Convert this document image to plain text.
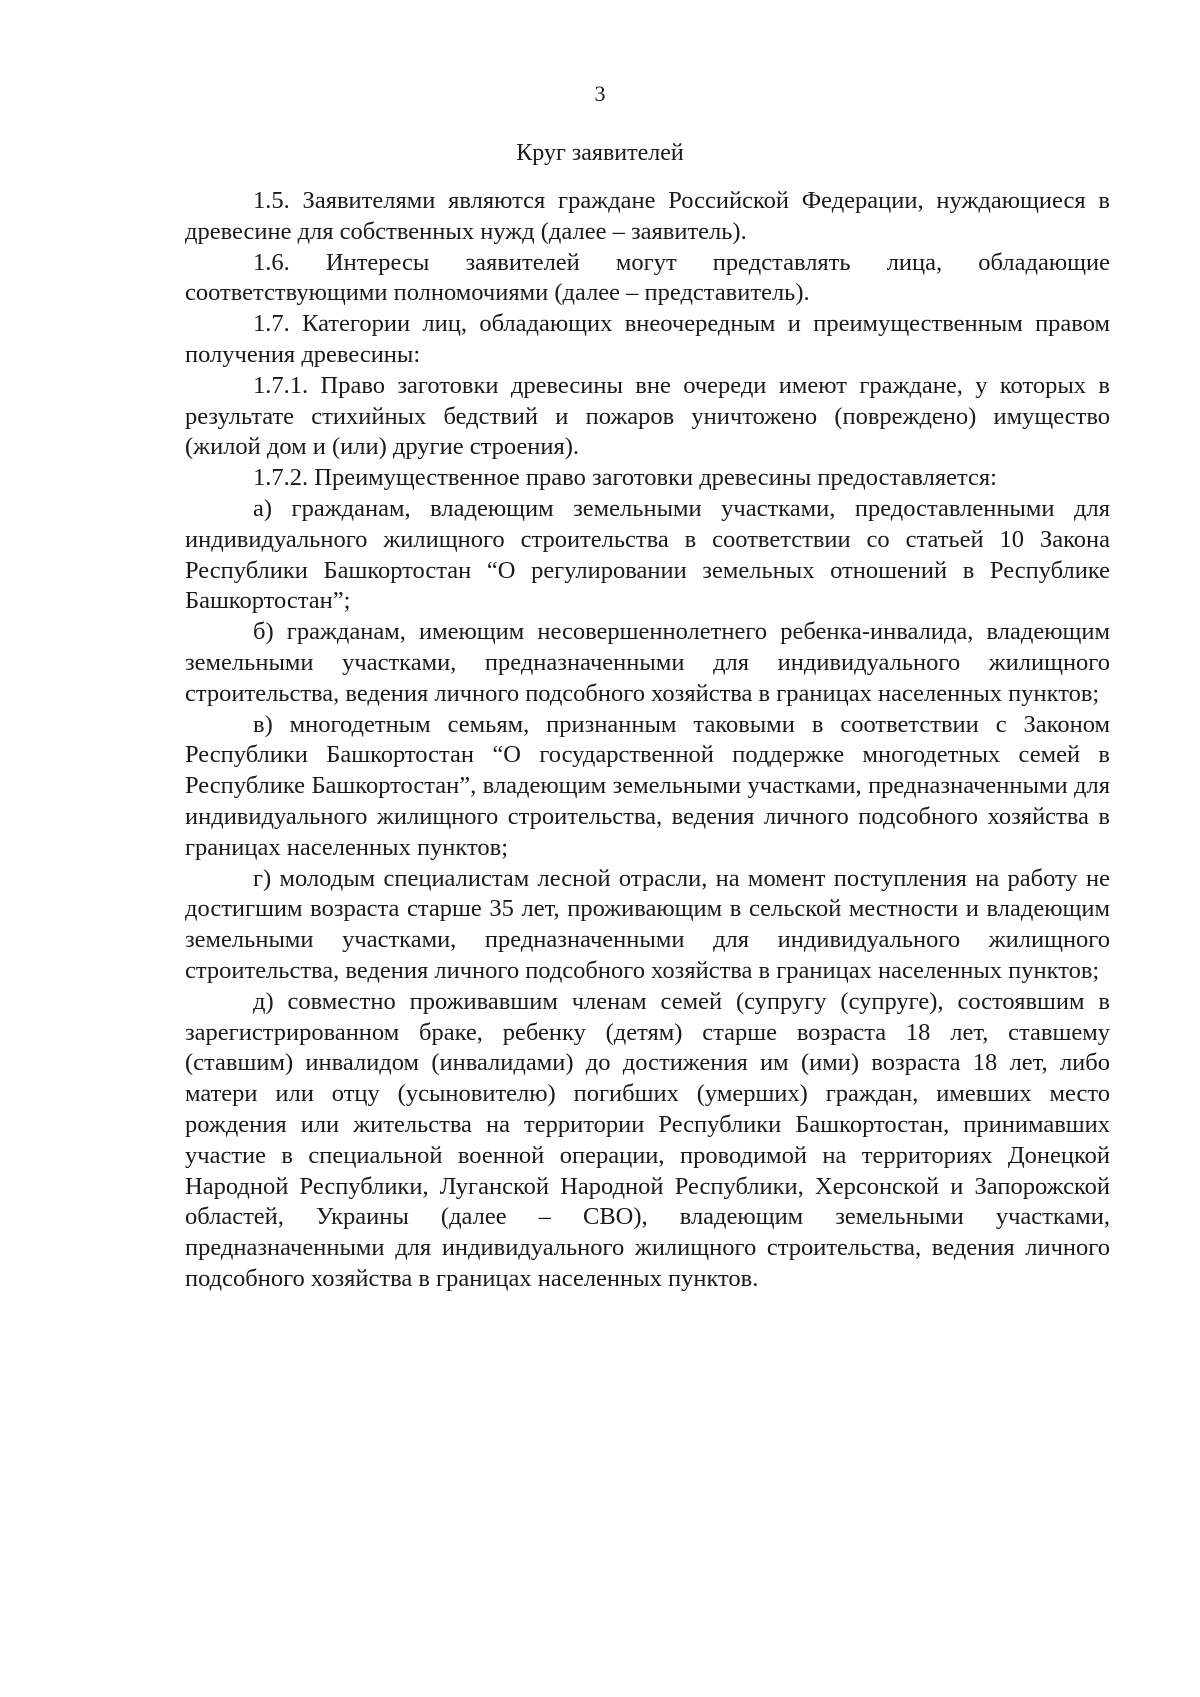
3
Круг заявителей

1.5. Заявителями являются граждане Российской Федерации, нуждающиеся в древесине для собственных нужд (далее – заявитель).

1.6. Интересы заявителей могут представлять лица, обладающие соответствующими полномочиями (далее – представитель).

1.7. Категории лиц, обладающих внеочередным и преимущественным правом получения древесины:

1.7.1. Право заготовки древесины вне очереди имеют граждане, у которых в результате стихийных бедствий и пожаров уничтожено (повреждено) имущество (жилой дом и (или) другие строения).

1.7.2. Преимущественное право заготовки древесины предоставляется:

а) гражданам, владеющим земельными участками, предоставленными для индивидуального жилищного строительства в соответствии со статьей 10 Закона Республики Башкортостан “О регулировании земельных отношений в Республике Башкортостан”;

б) гражданам, имеющим несовершеннолетнего ребенка-инвалида, владеющим земельными участками, предназначенными для индивидуального жилищного строительства, ведения личного подсобного хозяйства в границах населенных пунктов;

в) многодетным семьям, признанным таковыми в соответствии с Законом Республики Башкортостан “О государственной поддержке многодетных семей в Республике Башкортостан”, владеющим земельными участками, предназначенными для индивидуального жилищного строительства, ведения личного подсобного хозяйства в границах населенных пунктов;

г) молодым специалистам лесной отрасли, на момент поступления на работу не достигшим возраста старше 35 лет, проживающим в сельской местности и владеющим земельными участками, предназначенными для индивидуального жилищного строительства, ведения личного подсобного хозяйства в границах населенных пунктов;

д) совместно проживавшим членам семей (супругу (супруге), состоявшим в зарегистрированном браке, ребенку (детям) старше возраста 18 лет, ставшему (ставшим) инвалидом (инвалидами) до достижения им (ими) возраста 18 лет, либо матери или отцу (усыновителю) погибших (умерших) граждан, имевших место рождения или жительства на территории Республики Башкортостан, принимавших участие в специальной военной операции, проводимой на территориях Донецкой Народной Республики, Луганской Народной Республики, Херсонской и Запорожской областей, Украины (далее – СВО), владеющим земельными участками, предназначенными для индивидуального жилищного строительства, ведения личного подсобного хозяйства в границах населенных пунктов.
